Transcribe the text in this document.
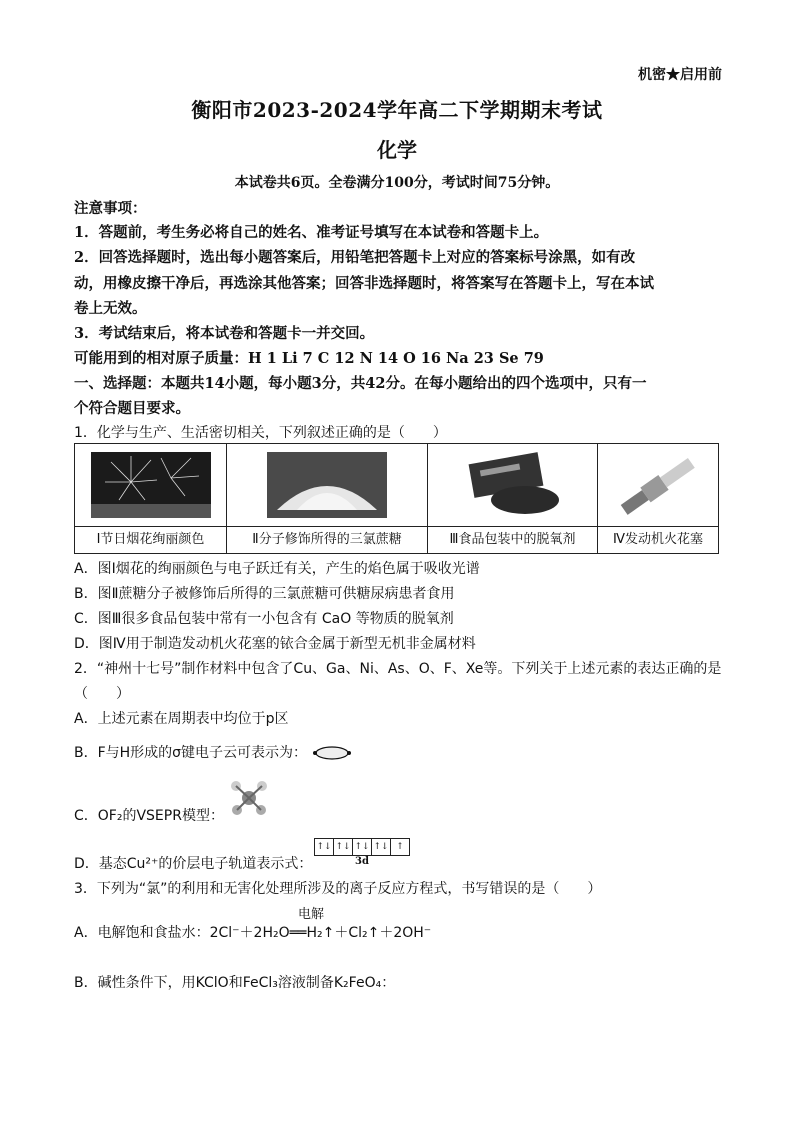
机密★启用前
衡阳市2023-2024学年高二下学期期末考试
化学
本试卷共6页。全卷满分100分，考试时间75分钟。
注意事项：
1．答题前，考生务必将自己的姓名、准考证号填写在本试卷和答题卡上。
2．回答选择题时，选出每小题答案后，用铅笔把答题卡上对应的答案标号涂黑，如有改
动，用橡皮擦干净后，再选涂其他答案；回答非选择题时，将答案写在答题卡上，写在本试
卷上无效。
3．考试结束后，将本试卷和答题卡一并交回。
可能用到的相对原子质量：H 1 Li 7 C 12 N 14 O 16 Na 23 Se 79
一、选择题：本题共14小题，每小题3分，共42分。在每小题给出的四个选项中，只有一
个符合题目要求。
1．化学与生产、生活密切相关，下列叙述正确的是（　　）
Ⅰ节日烟花绚丽颜色	Ⅱ分子修饰所得的三氯蔗糖	Ⅲ食品包装中的脱氧剂	Ⅳ发动机火花塞
A．图Ⅰ烟花的绚丽颜色与电子跃迁有关，产生的焰色属于吸收光谱
B．图Ⅱ蔗糖分子被修饰后所得的三氯蔗糖可供糖尿病患者食用
C．图Ⅲ很多食品包装中常有一小包含有 CaO 等物质的脱氧剂
D．图Ⅳ用于制造发动机火花塞的铱合金属于新型无机非金属材料
2．“神州十七号”制作材料中包含了Cu、Ga、Ni、As、O、F、Xe等。下列关于上述元素的表达正确的是
（　　）
A．上述元素在周期表中均位于p区
B．F与H形成的σ键电子云可表示为：
C．OF₂的VSEPR模型：
D．基态Cu²⁺的价层电子轨道表示式：
↑↓ ↑↓ ↑↓ ↑↓ ↑
3d
3．下列为“氯”的利用和无害化处理所涉及的离子反应方程式，书写错误的是（　　）
电解
A．电解饱和食盐水：2Cl⁻＋2H₂O══H₂↑＋Cl₂↑＋2OH⁻
B．碱性条件下，用KClO和FeCl₃溶液制备K₂FeO₄：
